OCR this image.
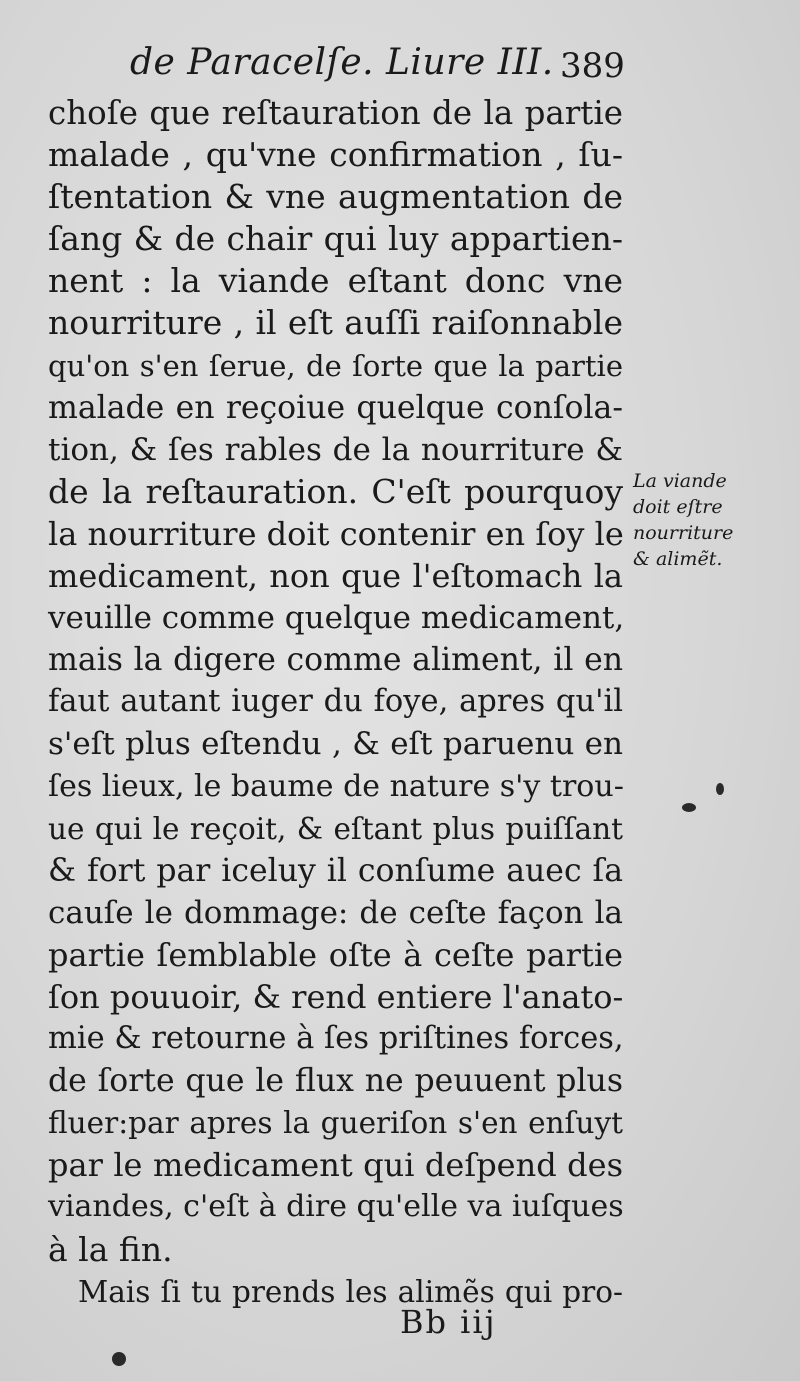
de Paracelſe. Liure III. 389
choſe que reſtauration de la partie
malade , qu'vne confirmation , ſu-
ſtentation & vne augmentation de
ſang & de chair qui luy appartien-
nent : la viande eſtant donc vne
nourriture , il eſt auſſi raiſonnable
qu'on s'en ſerue, de ſorte que la partie
malade en reçoiue quelque conſola-
tion, & ſes rables de la nourriture &
de la reſtauration. C'eſt pourquoy
la nourriture doit contenir en ſoy le
medicament, non que l'eſtomach la
veuille comme quelque medicament,
mais la digere comme aliment, il en
faut autant iuger du foye, apres qu'il
s'eſt plus eſtendu , & eſt paruenu en
ſes lieux, le baume de nature s'y trou-
ue qui le reçoit, & eſtant plus puiſſant
& fort par iceluy il conſume auec ſa
cauſe le dommage: de ceſte façon la
partie ſemblable oſte à ceſte partie
ſon pouuoir, & rend entiere l'anato-
mie & retourne à ſes priſtines forces,
de ſorte que le flux ne peuuent plus
fluer:par apres la gueriſon s'en enſuyt
par le medicament qui deſpend des
viandes, c'eſt à dire qu'elle va iuſques
à la fin.
Mais ſi tu prends les alimẽs qui pro-
La viande
doit eſtre
nourriture
& alimẽt.
Bb iij
